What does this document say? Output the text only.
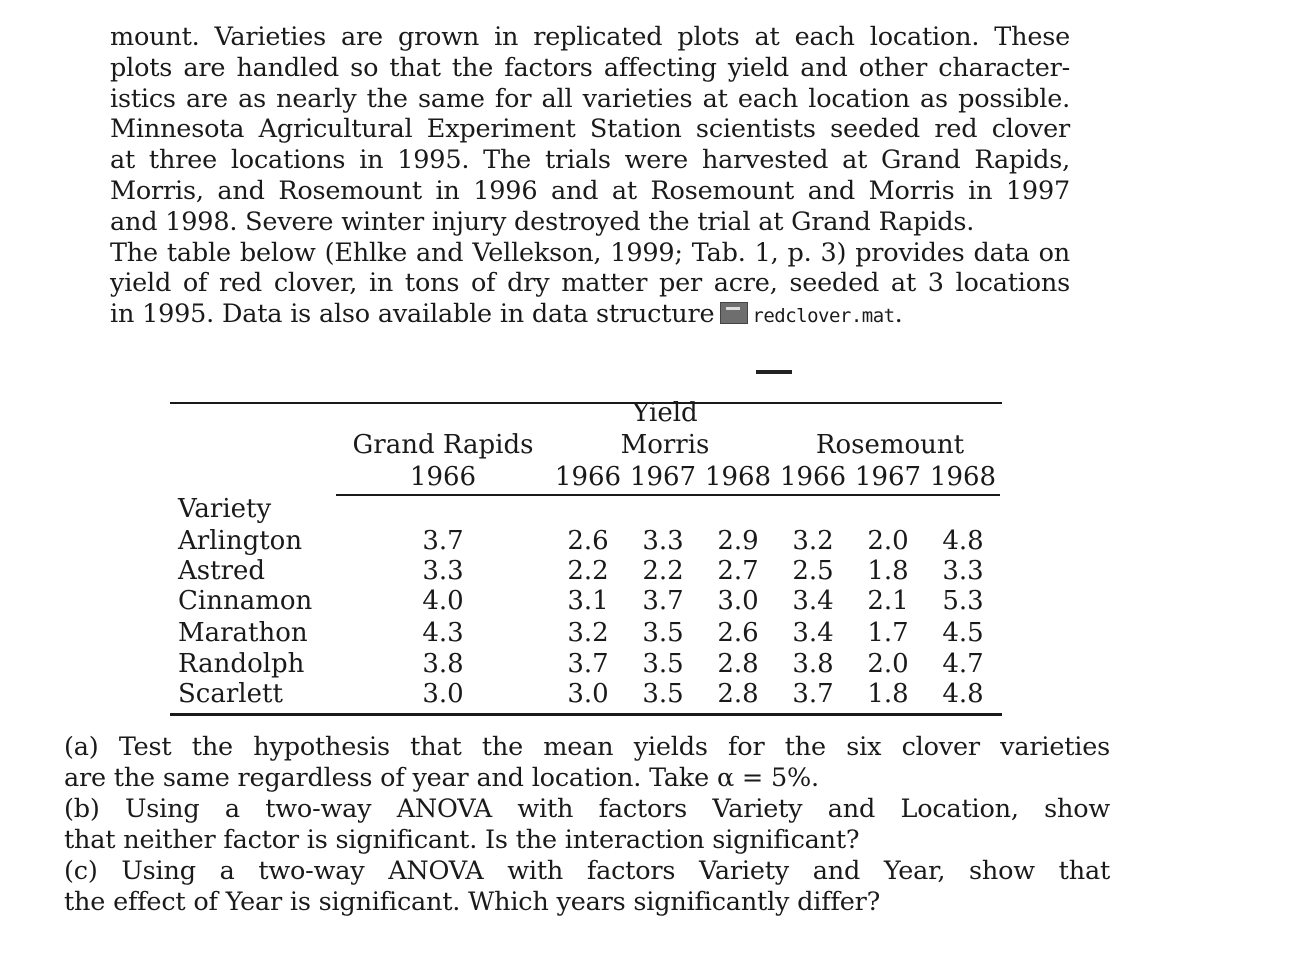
mount. Varieties are grown in replicated plots at each location. These
plots are handled so that the factors affecting yield and other character-
istics are as nearly the same for all varieties at each location as possible.
Minnesota Agricultural Experiment Station scientists seeded red clover
at three locations in 1995. The trials were harvested at Grand Rapids,
Morris, and Rosemount in 1996 and at Rosemount and Morris in 1997
and 1998. Severe winter injury destroyed the trial at Grand Rapids.
The table below (Ehlke and Vellekson, 1999; Tab. 1, p. 3) provides data on
yield of red clover, in tons of dry matter per acre, seeded at 3 locations
in 1995. Data is also available in data structure redclover.mat.
Yield
Grand Rapids	Morris	Rosemount
1966	1966 1967 1968 1966 1967 1968
Variety
Arlington	3.7	2.6	3.3	2.9	3.2	2.0	4.8
Astred	3.3	2.2	2.2	2.7	2.5	1.8	3.3
Cinnamon	4.0	3.1	3.7	3.0	3.4	2.1	5.3
Marathon	4.3	3.2	3.5	2.6	3.4	1.7	4.5
Randolph	3.8	3.7	3.5	2.8	3.8	2.0	4.7
Scarlett	3.0	3.0	3.5	2.8	3.7	1.8	4.8
(a) Test the hypothesis that the mean yields for the six clover varieties
are the same regardless of year and location. Take α = 5%.
(b) Using a two-way ANOVA with factors Variety and Location, show
that neither factor is significant. Is the interaction significant?
(c) Using a two-way ANOVA with factors Variety and Year, show that
the effect of Year is significant. Which years significantly differ?
